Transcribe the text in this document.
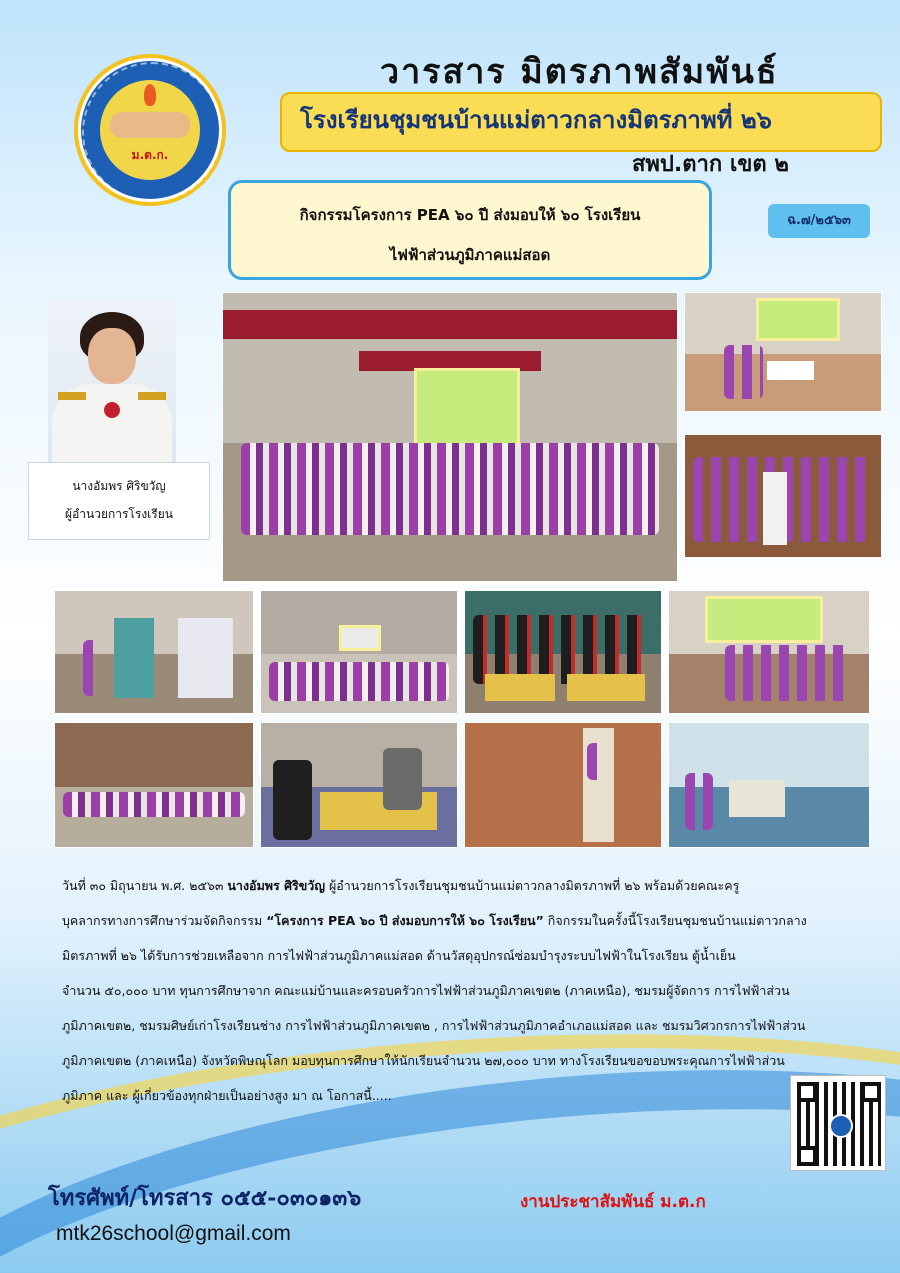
ม.ต.ก.
วารสาร มิตรภาพสัมพันธ์
โรงเรียนชุมชนบ้านแม่ตาวกลางมิตรภาพที่ ๒๖
สพป.ตาก เขต ๒
กิจกรรมโครงการ PEA ๖๐ ปี ส่งมอบให้ ๖๐ โรงเรียน
ไฟฟ้าส่วนภูมิภาคแม่สอด
ฉ.๗/๒๕๖๓
นางอัมพร ศิริขวัญ
ผู้อำนวยการโรงเรียน

วันที่ ๓๐ มิถุนายน พ.ศ. ๒๕๖๓ นางอัมพร ศิริขวัญ ผู้อำนวยการโรงเรียนชุมชนบ้านแม่ตาวกลางมิตรภาพที่ ๒๖ พร้อมด้วยคณะครู

บุคลากรทางการศึกษาร่วมจัดกิจกรรม “โครงการ PEA ๖๐ ปี ส่งมอบการให้ ๖๐ โรงเรียน” กิจกรรมในครั้งนี้โรงเรียนชุมชนบ้านแม่ตาวกลาง

มิตรภาพที่ ๒๖ ได้รับการช่วยเหลือจาก การไฟฟ้าส่วนภูมิภาคแม่สอด ด้านวัสดุอุปกรณ์ซ่อมบำรุงระบบไฟฟ้าในโรงเรียน ตู้น้ำเย็น

จำนวน ๕๐,๐๐๐ บาท ทุนการศึกษาจาก คณะแม่บ้านและครอบครัวการไฟฟ้าส่วนภูมิภาคเขต๒ (ภาคเหนือ), ชมรมผู้จัดการ การไฟฟ้าส่วน

ภูมิภาคเขต๒, ชมรมศิษย์เก่าโรงเรียนช่าง การไฟฟ้าส่วนภูมิภาคเขต๒ , การไฟฟ้าส่วนภูมิภาคอำเภอแม่สอด และ ชมรมวิศวกรการไฟฟ้าส่วน

ภูมิภาคเขต๒ (ภาคเหนือ) จังหวัดพิษณุโลก มอบทุนการศึกษาให้นักเรียนจำนวน ๒๗,๐๐๐ บาท ทางโรงเรียนขอขอบพระคุณการไฟฟ้าส่วน

ภูมิภาค และ ผู้เกี่ยวข้องทุกฝ่ายเป็นอย่างสูง มา ณ โอกาสนี้.....

โทรศัพท์/โทรสาร ๐๕๕-๐๓๐๑๓๖	งานประชาสัมพันธ์ ม.ต.ก
mtk26school@gmail.com
